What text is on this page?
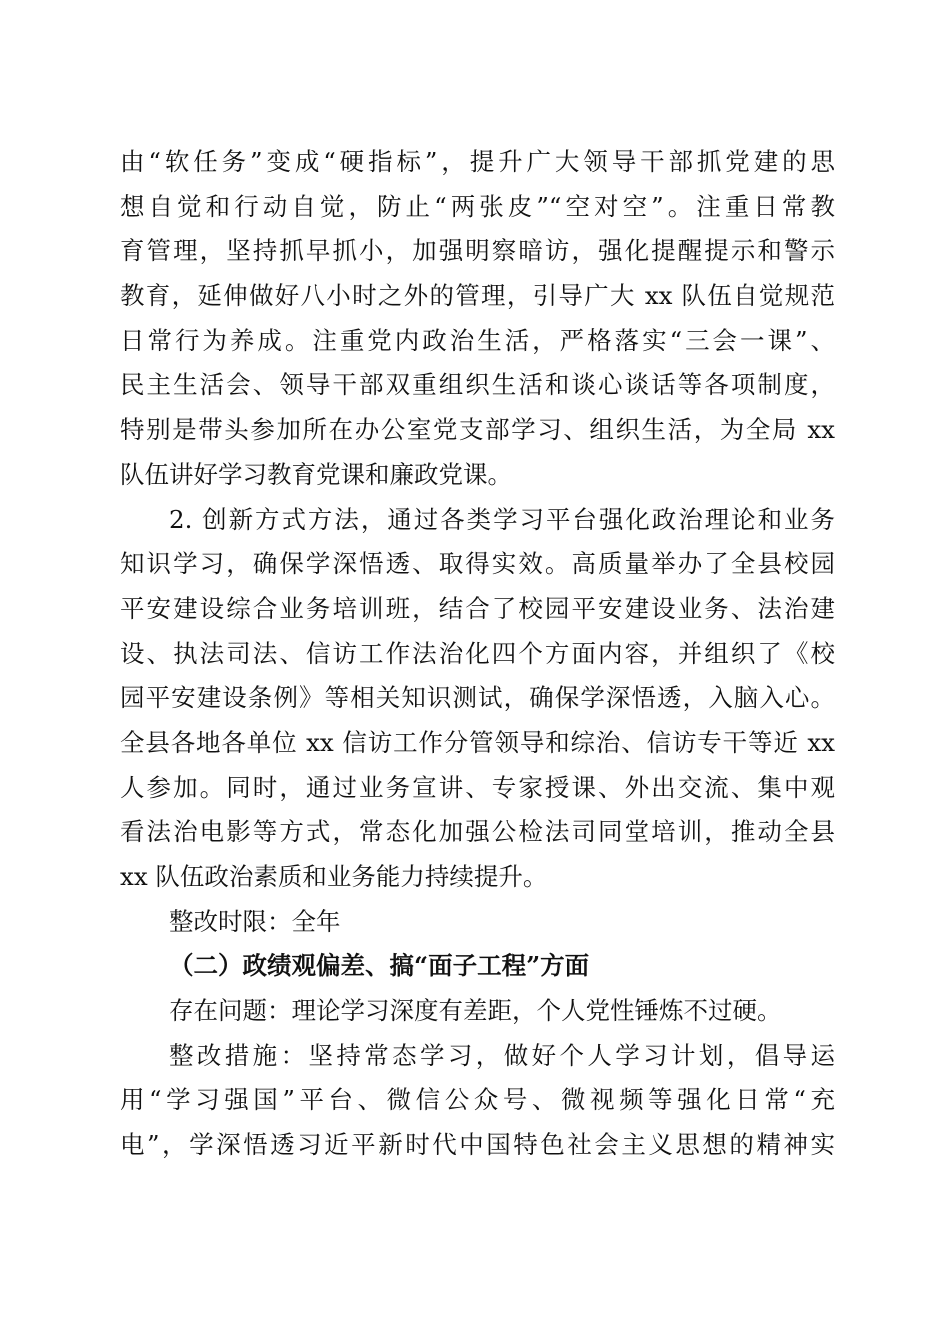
由“软任务”变成“硬指标”，提升广大领导干部抓党建的思
想自觉和行动自觉，防止“两张皮”“空对空”。注重日常教
育管理，坚持抓早抓小，加强明察暗访，强化提醒提示和警示
教育，延伸做好八小时之外的管理，引导广大 xx 队伍自觉规范
日常行为养成。注重党内政治生活，严格落实“三会一课”、
民主生活会、领导干部双重组织生活和谈心谈话等各项制度，
特别是带头参加所在办公室党支部学习、组织生活，为全局 xx
队伍讲好学习教育党课和廉政党课。
2. 创新方式方法，通过各类学习平台强化政治理论和业务
知识学习，确保学深悟透、取得实效。高质量举办了全县校园
平安建设综合业务培训班，结合了校园平安建设业务、法治建
设、执法司法、信访工作法治化四个方面内容，并组织了《校
园平安建设条例》等相关知识测试，确保学深悟透，入脑入心。
全县各地各单位 xx 信访工作分管领导和综治、信访专干等近 xx
人参加。同时，通过业务宣讲、专家授课、外出交流、集中观
看法治电影等方式，常态化加强公检法司同堂培训，推动全县
xx 队伍政治素质和业务能力持续提升。
整改时限：全年
（二）政绩观偏差、搞“面子工程”方面
存在问题：理论学习深度有差距，个人党性锤炼不过硬。
整改措施：坚持常态学习，做好个人学习计划，倡导运
用“学习强国”平台、微信公众号、微视频等强化日常“充
电”，学深悟透习近平新时代中国特色社会主义思想的精神实
